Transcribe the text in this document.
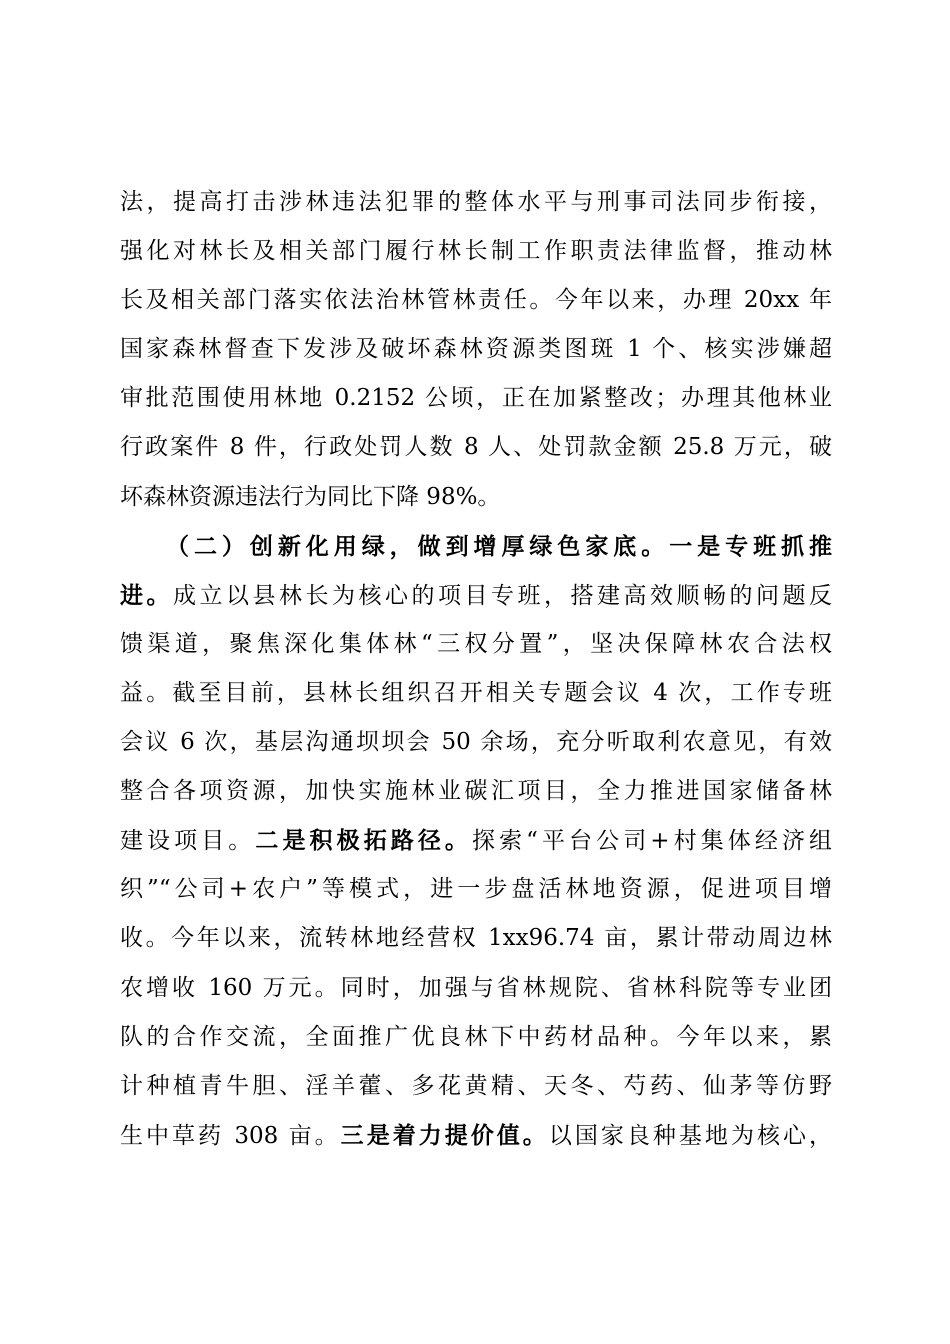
法，提高打击涉林违法犯罪的整体水平与刑事司法同步衔接，
强化对林长及相关部门履行林长制工作职责法律监督，推动林
长及相关部门落实依法治林管林责任。今年以来，办理 20xx 年
国家森林督查下发涉及破坏森林资源类图斑 1 个、核实涉嫌超
审批范围使用林地 0.2152 公顷，正在加紧整改；办理其他林业
行政案件 8 件，行政处罚人数 8 人、处罚款金额 25.8 万元，破
坏森林资源违法行为同比下降 98%。
（二）创新化用绿，做到增厚绿色家底。一是专班抓推
进。成立以县林长为核心的项目专班，搭建高效顺畅的问题反
馈渠道，聚焦深化集体林“三权分置”，坚决保障林农合法权
益。截至目前，县林长组织召开相关专题会议 4 次，工作专班
会议 6 次，基层沟通坝坝会 50 余场，充分听取利农意见，有效
整合各项资源，加快实施林业碳汇项目，全力推进国家储备林
建设项目。二是积极拓路径。探索“平台公司+村集体经济组
织”“公司+农户”等模式，进一步盘活林地资源，促进项目增
收。今年以来，流转林地经营权 1xx96.74 亩，累计带动周边林
农增收 160 万元。同时，加强与省林规院、省林科院等专业团
队的合作交流，全面推广优良林下中药材品种。今年以来，累
计种植青牛胆、淫羊藿、多花黄精、天冬、芍药、仙茅等仿野
生中草药 308 亩。三是着力提价值。以国家良种基地为核心，
